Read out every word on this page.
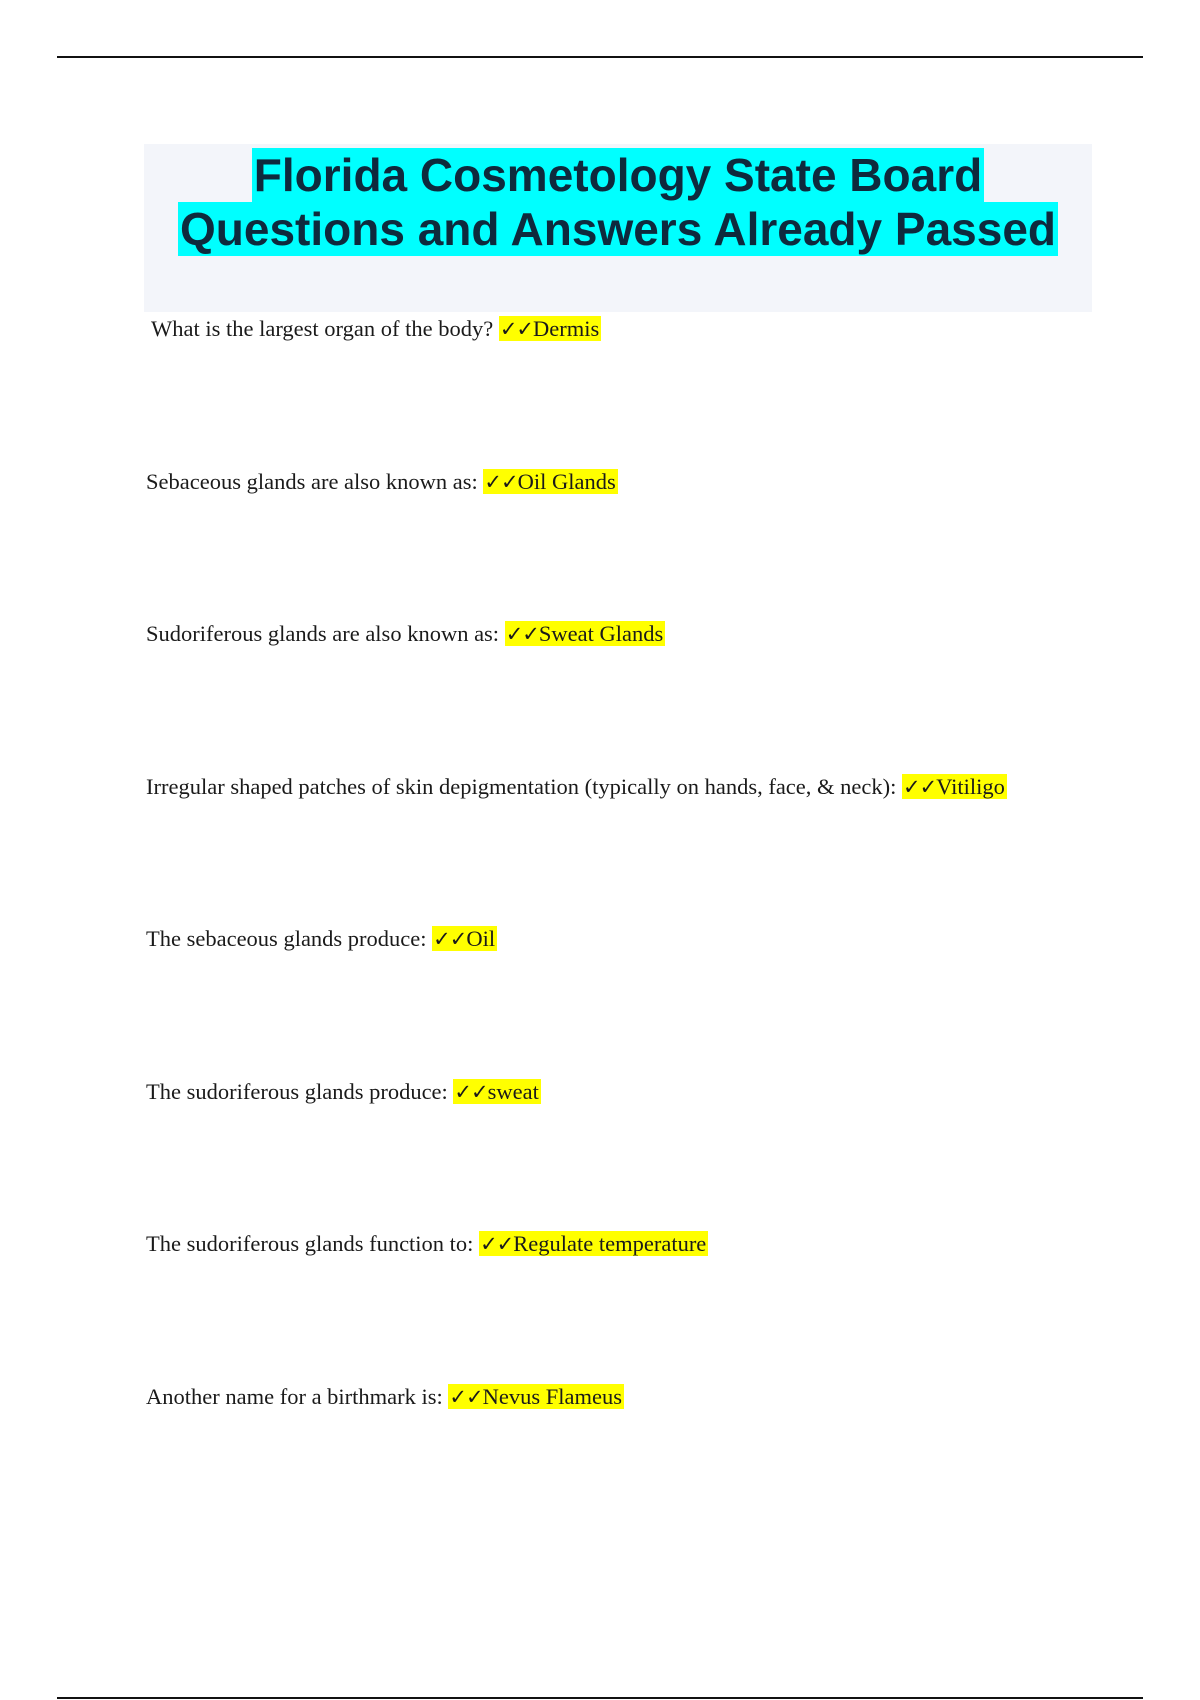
Florida Cosmetology State Board
Questions and Answers Already Passed
What is the largest organ of the body? ✓✓Dermis
Sebaceous glands are also known as: ✓✓Oil Glands
Sudoriferous glands are also known as: ✓✓Sweat Glands
Irregular shaped patches of skin depigmentation (typically on hands, face, & neck): ✓✓Vitiligo
The sebaceous glands produce: ✓✓Oil
The sudoriferous glands produce: ✓✓sweat
The sudoriferous glands function to: ✓✓Regulate temperature
Another name for a birthmark is: ✓✓Nevus Flameus
